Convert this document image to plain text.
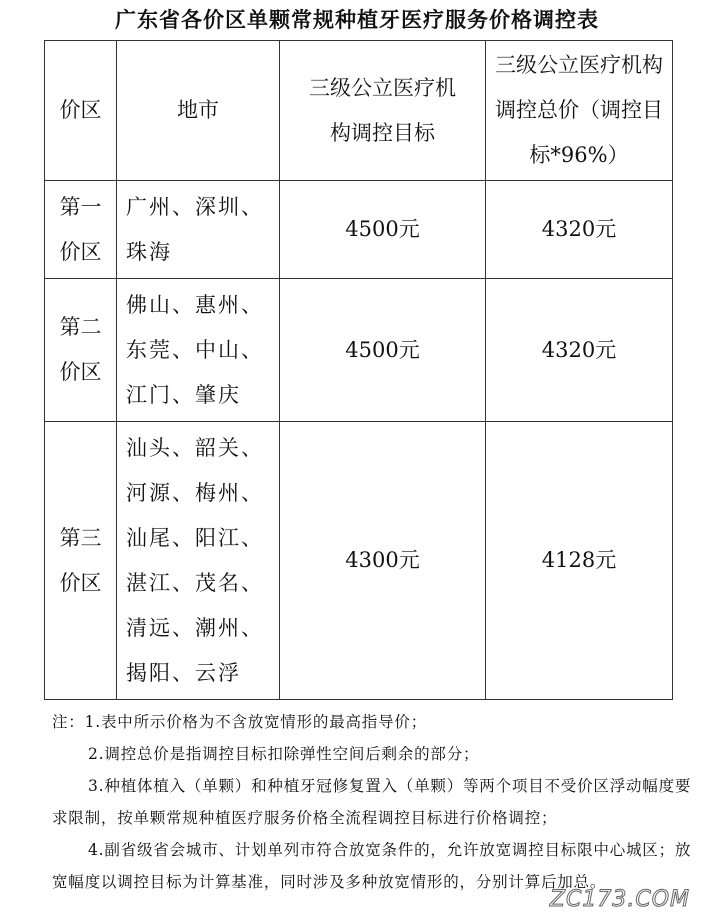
广东省各价区单颗常规种植牙医疗服务价格调控表
价区	地市	三级公立医疗机构调控目标	三级公立医疗机构调控总价（调控目标*96%）

第一价区	广州、深圳、珠海	4500元	4320元

第二价区	佛山、惠州、东莞、中山、江门、肇庆	4500元	4320元

第三价区	汕头、韶关、河源、梅州、汕尾、阳江、湛江、茂名、清远、潮州、揭阳、云浮	4300元	4128元

注：1.表中所示价格为不含放宽情形的最高指导价；

2.调控总价是指调控目标扣除弹性空间后剩余的部分；

3.种植体植入（单颗）和种植牙冠修复置入（单颗）等两个项目不受价区浮动幅度要求限制，按单颗常规种植医疗服务价格全流程调控目标进行价格调控；

4.副省级省会城市、计划单列市符合放宽条件的，允许放宽调控目标限中心城区；放宽幅度以调控目标为计算基准，同时涉及多种放宽情形的，分别计算后加总。

ZC173.COM
